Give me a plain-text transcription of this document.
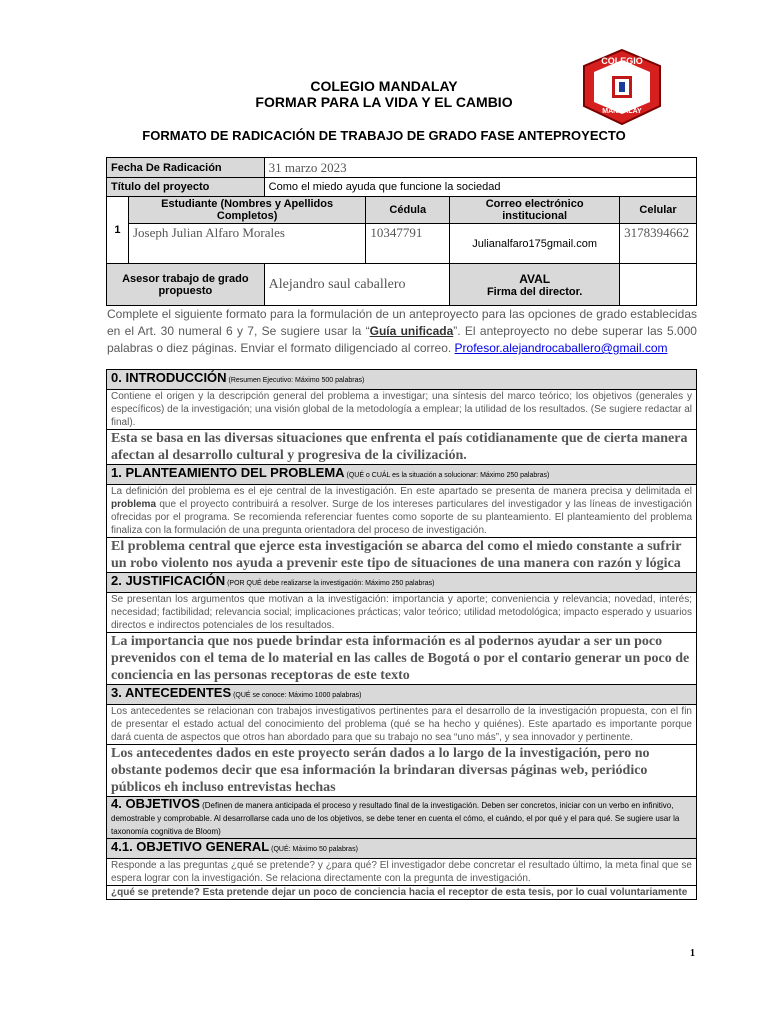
COLEGIO MANDALAY
FORMAR PARA LA VIDA Y EL CAMBIO
FORMATO DE RADICACIÓN DE TRABAJO DE GRADO FASE ANTEPROYECTO
COLEGIO
MANDALAY
Fecha De Radicación		31 marzo 2023			
Título del proyecto		Como el miedo ayuda que funcione la sociedad			
1	Estudiante (Nombres y Apellidos Completos)		Cédula	Correo electrónico institucional	Celular
	Joseph Julian Alfaro Morales		10347791	Julianalfaro175gmail.com	3178394662
Asesor trabajo de grado propuesto		Alejandro saul caballero		AVAL
Firma del director.	

Complete el siguiente formato para la formulación de un anteproyecto para las opciones de grado establecidas en el Art. 30 numeral 6 y 7, Se sugiere usar la “Guía unificada”. El anteproyecto no debe superar las 5.000 palabras o diez páginas. Enviar el formato diligenciado al correo. Profesor.alejandrocaballero@gmail.com
0. INTRODUCCIÓN (Resumen Ejecutivo: Máximo 500 palabras)
Contiene el origen y la descripción general del problema a investigar; una síntesis del marco teórico; los objetivos (generales y específicos) de la investigación; una visión global de la metodología a emplear; la utilidad de los resultados. (Se sugiere redactar al final).
Esta se basa en las diversas situaciones que enfrenta el país cotidianamente que de cierta manera afectan al desarrollo cultural y progresiva de la civilización.
1. PLANTEAMIENTO DEL PROBLEMA (QUÉ o CUÁL es la situación a solucionar: Máximo 250 palabras)
La definición del problema es el eje central de la investigación. En este apartado se presenta de manera precisa y delimitada el problema que el proyecto contribuirá a resolver. Surge de los intereses particulares del investigador y las líneas de investigación ofrecidas por el programa. Se recomienda referenciar fuentes como soporte de su planteamiento. El planteamiento del problema finaliza con la formulación de una pregunta orientadora del proceso de investigación.
El problema central que ejerce esta investigación se abarca del como el miedo constante a sufrir un robo violento nos ayuda a prevenir este tipo de situaciones de una manera con razón y lógica
2. JUSTIFICACIÓN (POR QUÉ debe realizarse la investigación: Máximo 250 palabras)
Se presentan los argumentos que motivan a la investigación: importancia y aporte; conveniencia y relevancia; novedad, interés; necesidad; factibilidad; relevancia social; implicaciones prácticas; valor teórico; utilidad metodológica; impacto esperado y usuarios directos e indirectos potenciales de los resultados.
La importancia que nos puede brindar esta información es al podernos ayudar a ser un poco prevenidos con el tema de lo material en las calles de Bogotá o por el contario generar un poco de conciencia en las personas receptoras de este texto
3. ANTECEDENTES (QUÉ se conoce: Máximo 1000 palabras)
Los antecedentes se relacionan con trabajos investigativos pertinentes para el desarrollo de la investigación propuesta, con el fin de presentar el estado actual del conocimiento del problema (qué se ha hecho y quiénes). Este apartado es importante porque dará cuenta de aspectos que otros han abordado para que su trabajo no sea “uno más”, y sea innovador y pertinente.
Los antecedentes dados en este proyecto serán dados a lo largo de la investigación, pero no obstante podemos decir que esa información la brindaran diversas páginas web, periódico públicos eh incluso entrevistas hechas
4. OBJETIVOS (Definen de manera anticipada el proceso y resultado final de la investigación. Deben ser concretos, iniciar con un verbo en infinitivo, demostrable y comprobable. Al desarrollarse cada uno de los objetivos, se debe tener en cuenta el cómo, el cuándo, el por qué y el para qué. Se sugiere usar la taxonomía cognitiva de Bloom)
4.1. OBJETIVO GENERAL (QUÉ: Máximo 50 palabras)
Responde a las preguntas ¿qué se pretende? y ¿para qué? El investigador debe concretar el resultado último, la meta final que se espera lograr con la investigación. Se relaciona directamente con la pregunta de investigación.
¿qué se pretende? Esta pretende dejar un poco de conciencia hacia el receptor de esta tesis, por lo cual voluntariamente
1
